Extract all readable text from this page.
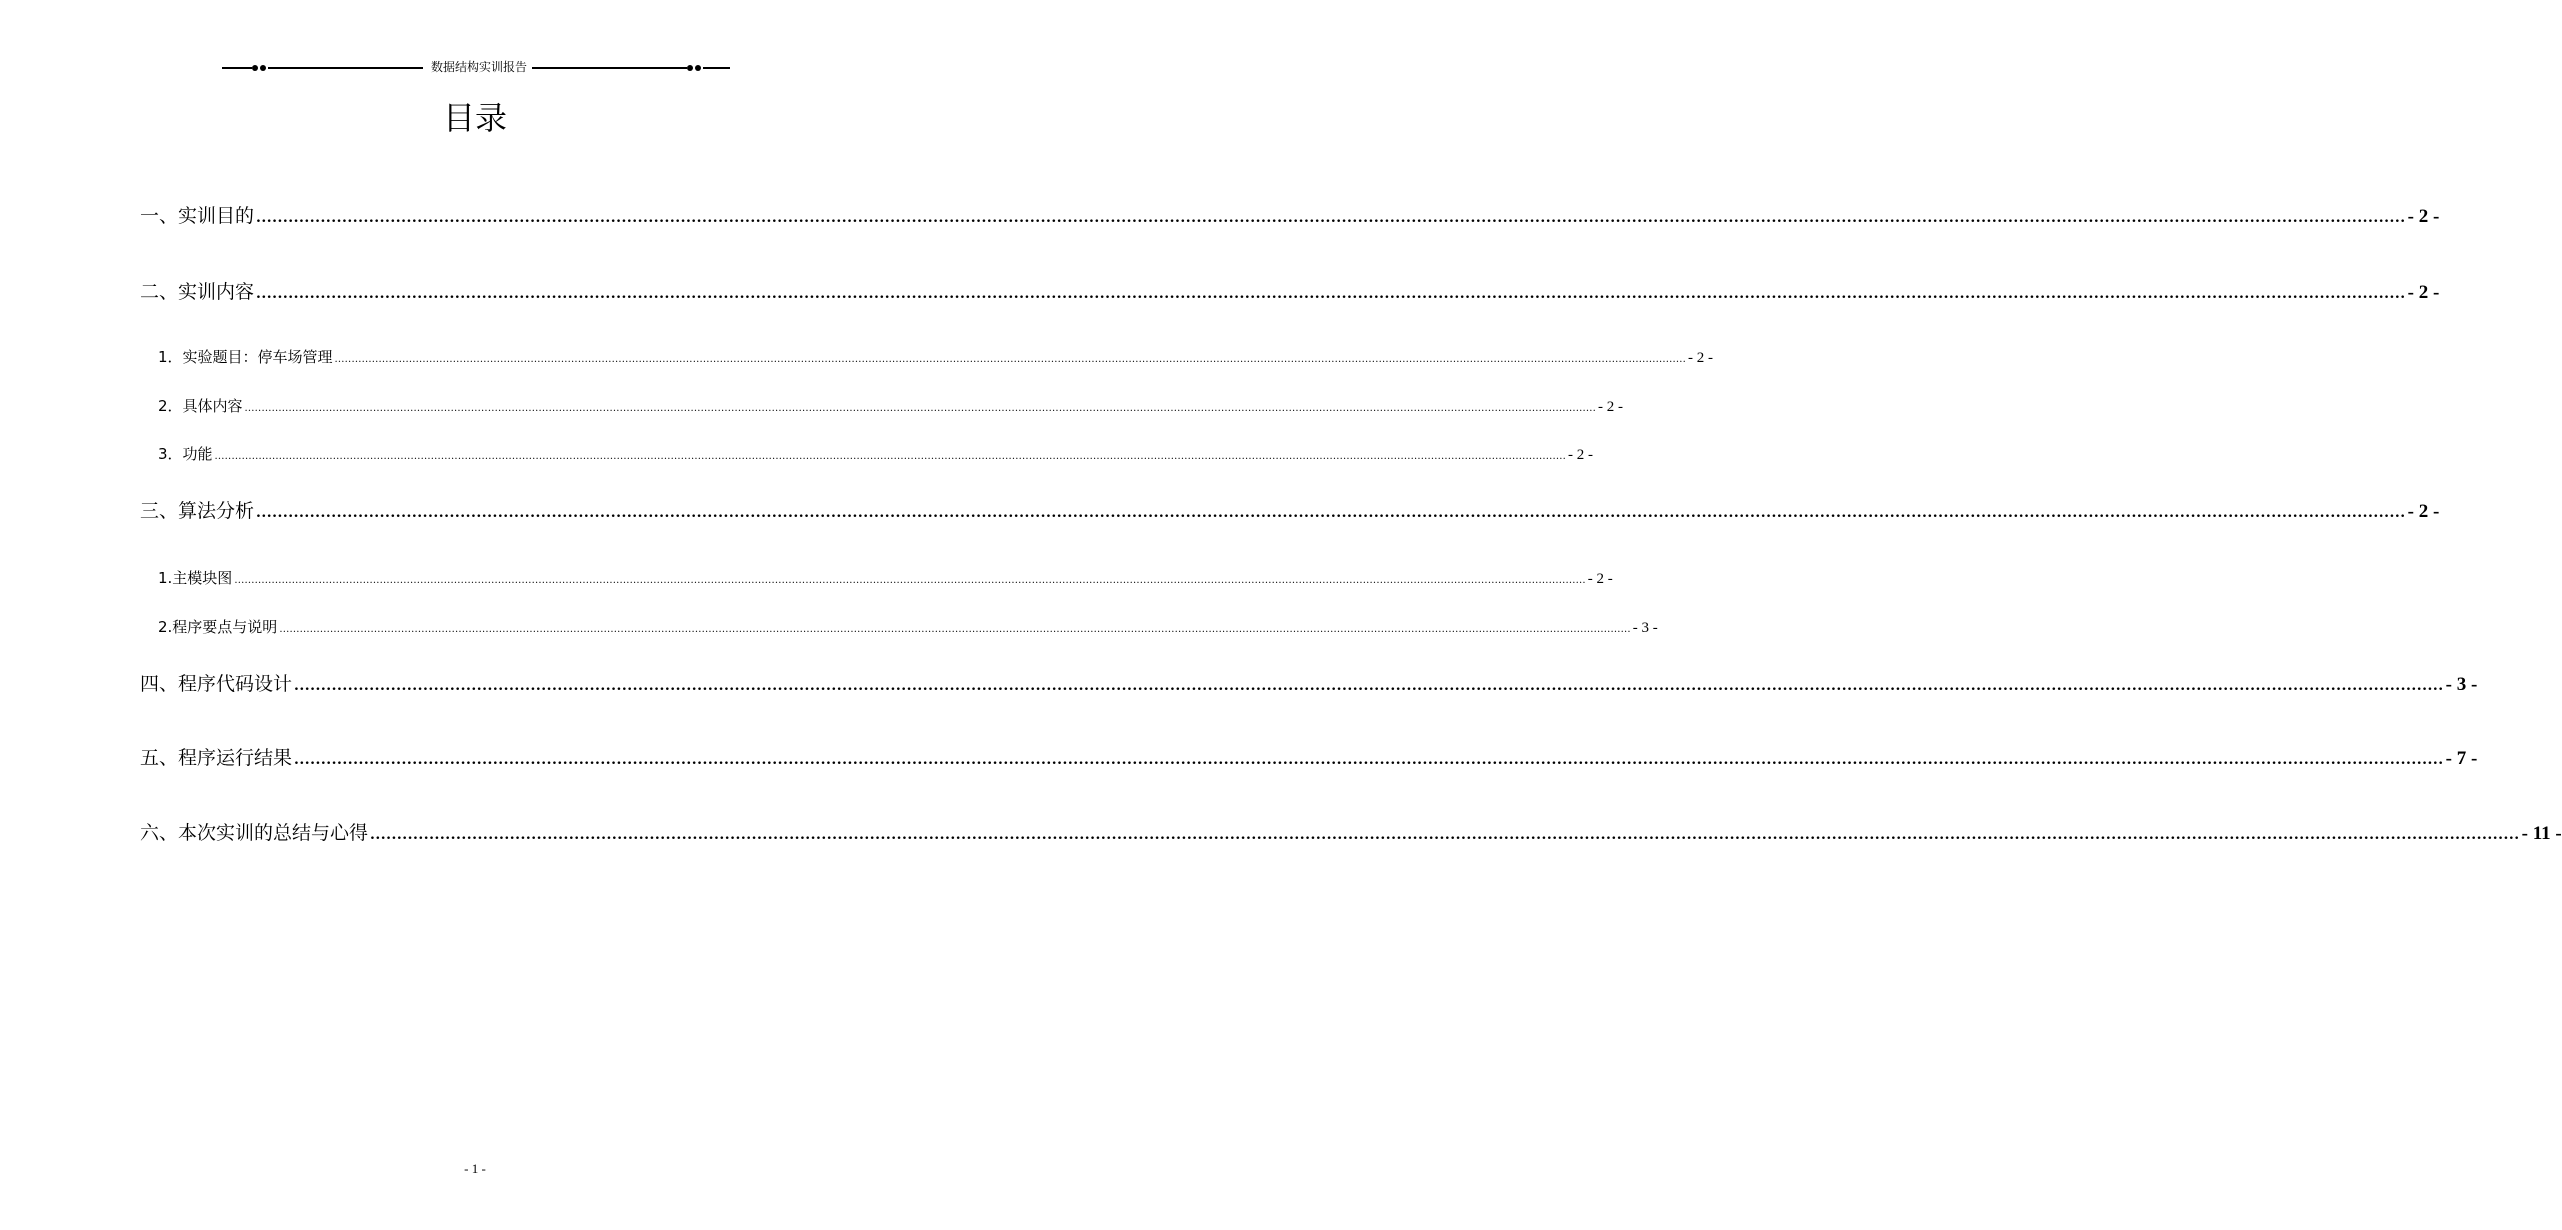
数据结构实训报告
目录
一、实训目的 ................................................................................................................................................................................................................................................................................................................................................................................................................ - 2 -
二、实训内容 ................................................................................................................................................................................................................................................................................................................................................................................................................ - 2 -
1．实验题目：停车场管理 ................................................................................................................................................................................................................................................................................................................................................................................................................ - 2 -
2．具体内容 ................................................................................................................................................................................................................................................................................................................................................................................................................ - 2 -
3．功能 ................................................................................................................................................................................................................................................................................................................................................................................................................ - 2 -
三、算法分析 ................................................................................................................................................................................................................................................................................................................................................................................................................ - 2 -
1.主模块图 ................................................................................................................................................................................................................................................................................................................................................................................................................ - 2 -
2.程序要点与说明 ................................................................................................................................................................................................................................................................................................................................................................................................................ - 3 -
四、程序代码设计 ................................................................................................................................................................................................................................................................................................................................................................................................................ - 3 -
五、程序运行结果 ................................................................................................................................................................................................................................................................................................................................................................................................................ - 7 -
六、本次实训的总结与心得 ................................................................................................................................................................................................................................................................................................................................................................................................................ - 11 -
- 1 -
